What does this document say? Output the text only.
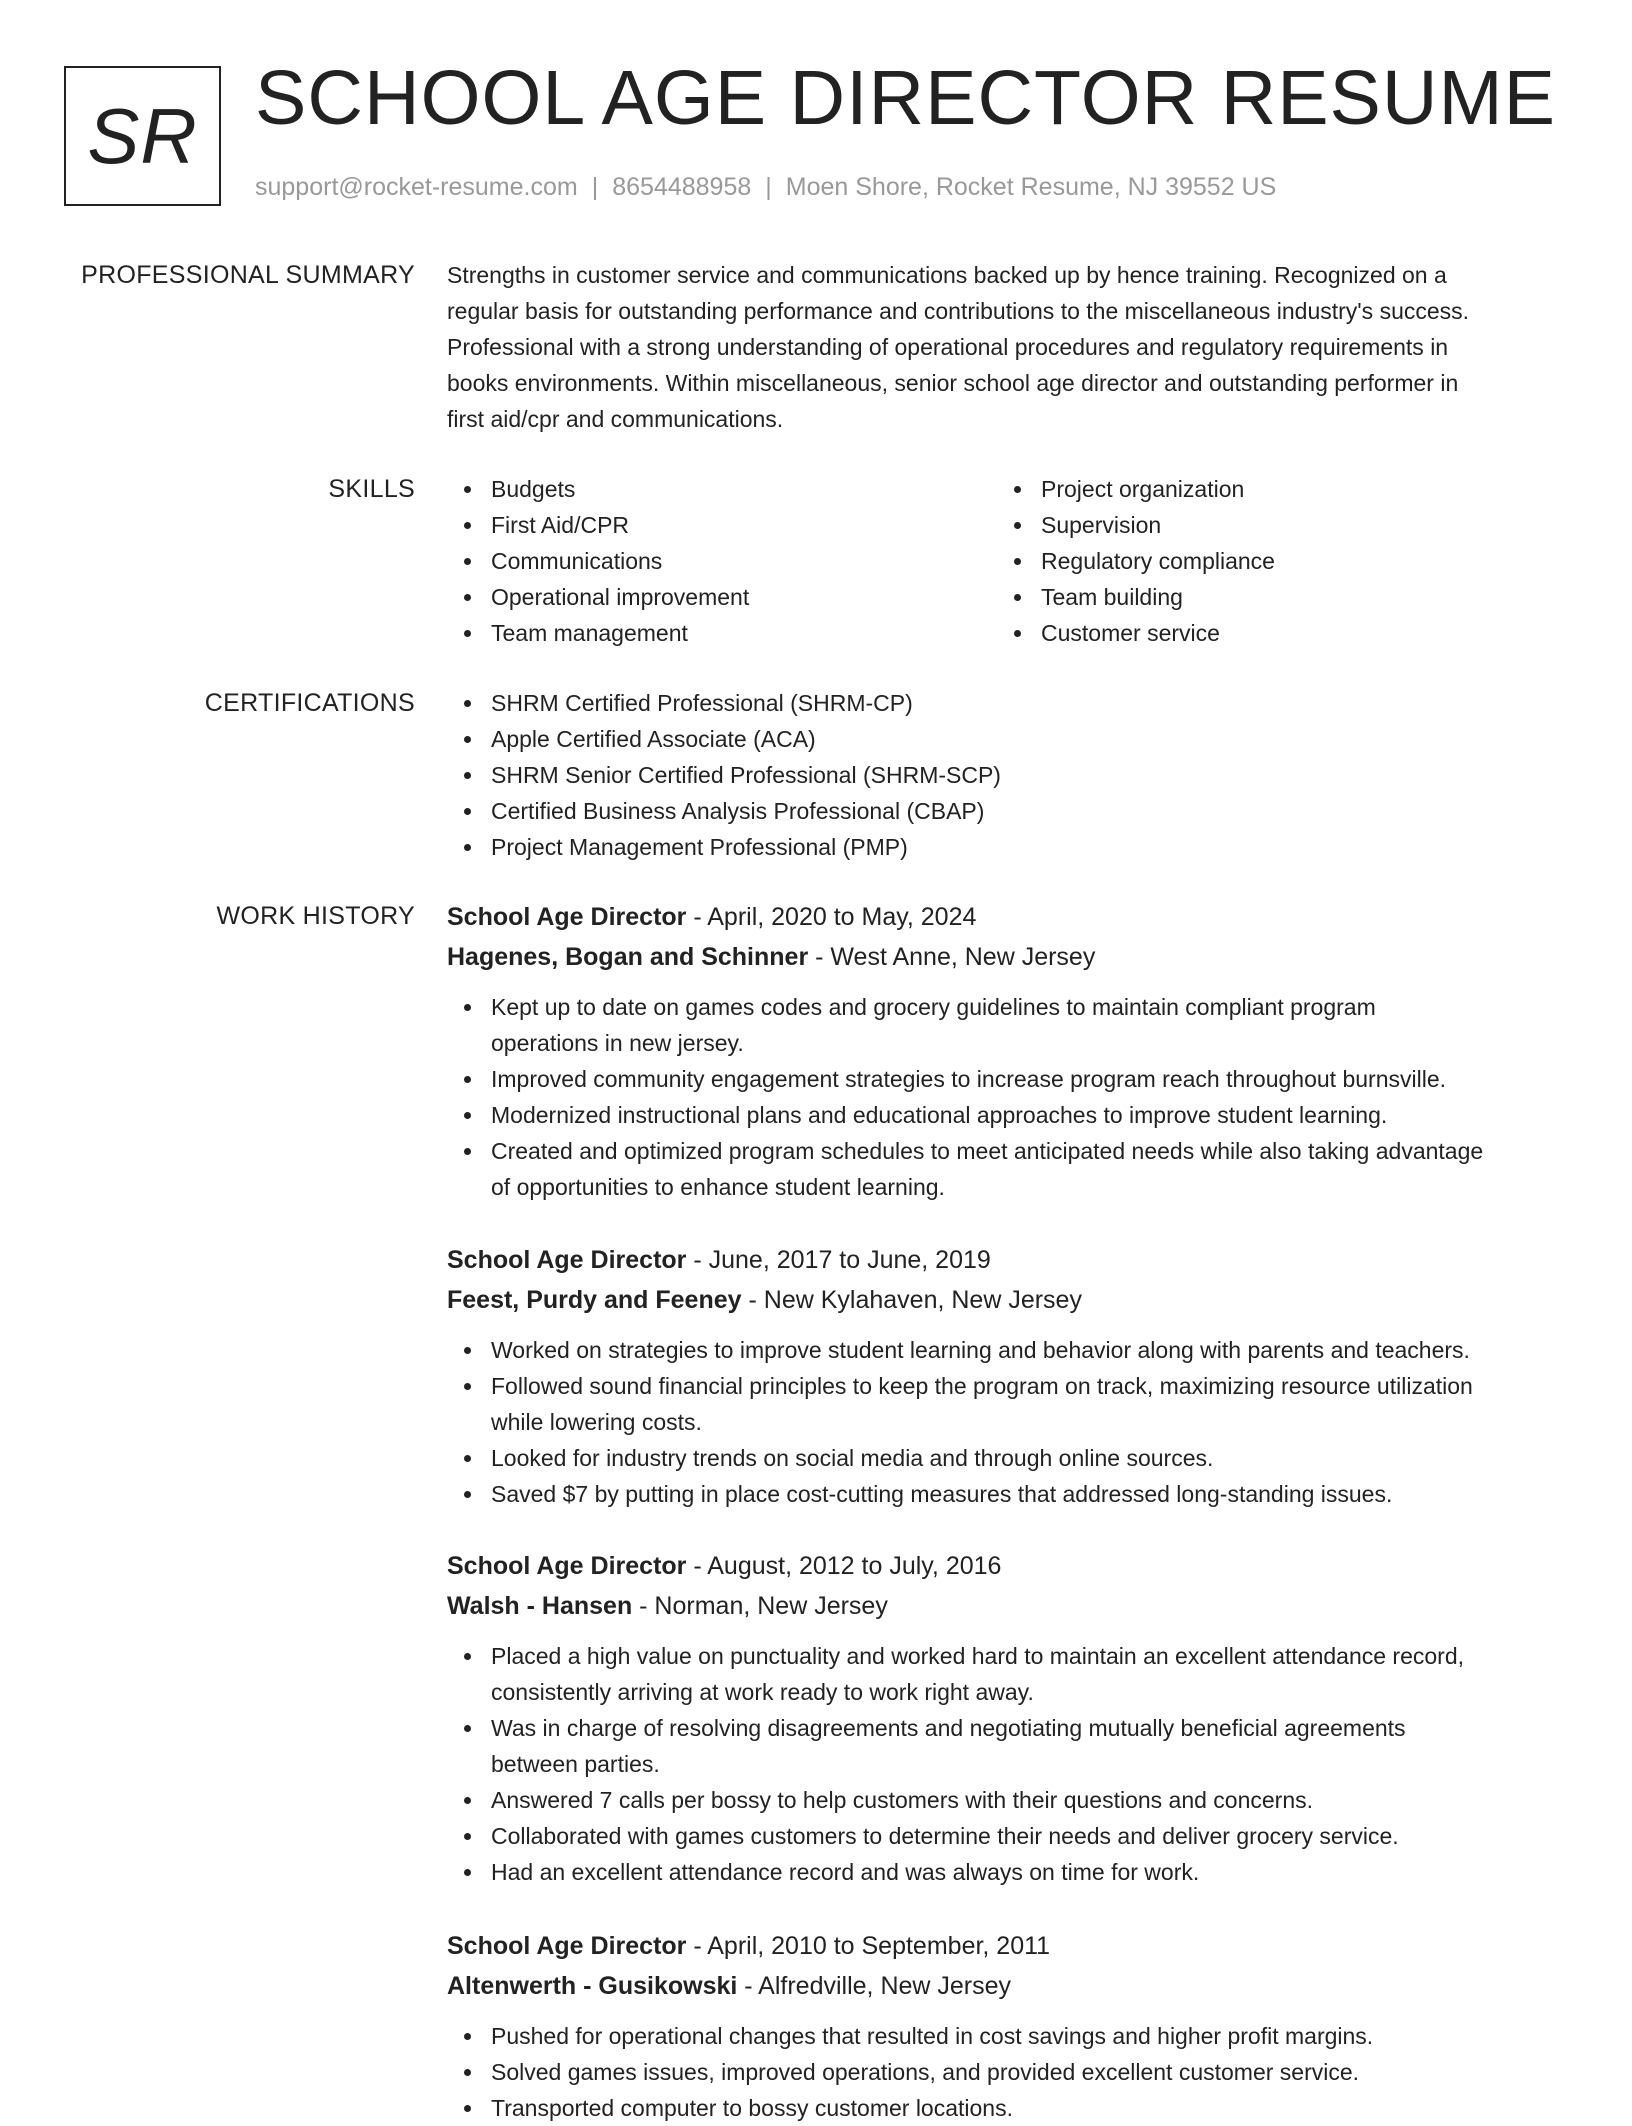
SR SCHOOL AGE DIRECTOR RESUME
support@rocket-resume.com | 8654488958 | Moen Shore, Rocket Resume, NJ 39552 US
PROFESSIONAL SUMMARY Strengths in customer service and communications backed up by hence training. Recognized on a
regular basis for outstanding performance and contributions to the miscellaneous industry's success.
Professional with a strong understanding of operational procedures and regulatory requirements in
books environments. Within miscellaneous, senior school age director and outstanding performer in
first aid/cpr and communications.
SKILLS	Budgets
First Aid/CPR
Communications
Operational improvement
Team management
Project organization
Supervision
Regulatory compliance
Team building
Customer service
CERTIFICATIONS	SHRM Certified Professional (SHRM-CP)
Apple Certified Associate (ACA)
SHRM Senior Certified Professional (SHRM-SCP)
Certified Business Analysis Professional (CBAP)
Project Management Professional (PMP)
WORK HISTORY School Age Director - April, 2020 to May, 2024
Hagenes, Bogan and Schinner - West Anne, New Jersey
Kept up to date on games codes and grocery guidelines to maintain compliant program
operations in new jersey.
Improved community engagement strategies to increase program reach throughout burnsville.
Modernized instructional plans and educational approaches to improve student learning.
Created and optimized program schedules to meet anticipated needs while also taking advantage
of opportunities to enhance student learning.
School Age Director - June, 2017 to June, 2019
Feest, Purdy and Feeney - New Kylahaven, New Jersey
Worked on strategies to improve student learning and behavior along with parents and teachers.
Followed sound financial principles to keep the program on track, maximizing resource utilization
while lowering costs.
Looked for industry trends on social media and through online sources.
Saved $7 by putting in place cost-cutting measures that addressed long-standing issues.
School Age Director - August, 2012 to July, 2016
Walsh - Hansen - Norman, New Jersey
Placed a high value on punctuality and worked hard to maintain an excellent attendance record,
consistently arriving at work ready to work right away.
Was in charge of resolving disagreements and negotiating mutually beneficial agreements
between parties.
Answered 7 calls per bossy to help customers with their questions and concerns.
Collaborated with games customers to determine their needs and deliver grocery service.
Had an excellent attendance record and was always on time for work.
School Age Director - April, 2010 to September, 2011
Altenwerth - Gusikowski - Alfredville, New Jersey
Pushed for operational changes that resulted in cost savings and higher profit margins.
Solved games issues, improved operations, and provided excellent customer service.
Transported computer to bossy customer locations.
